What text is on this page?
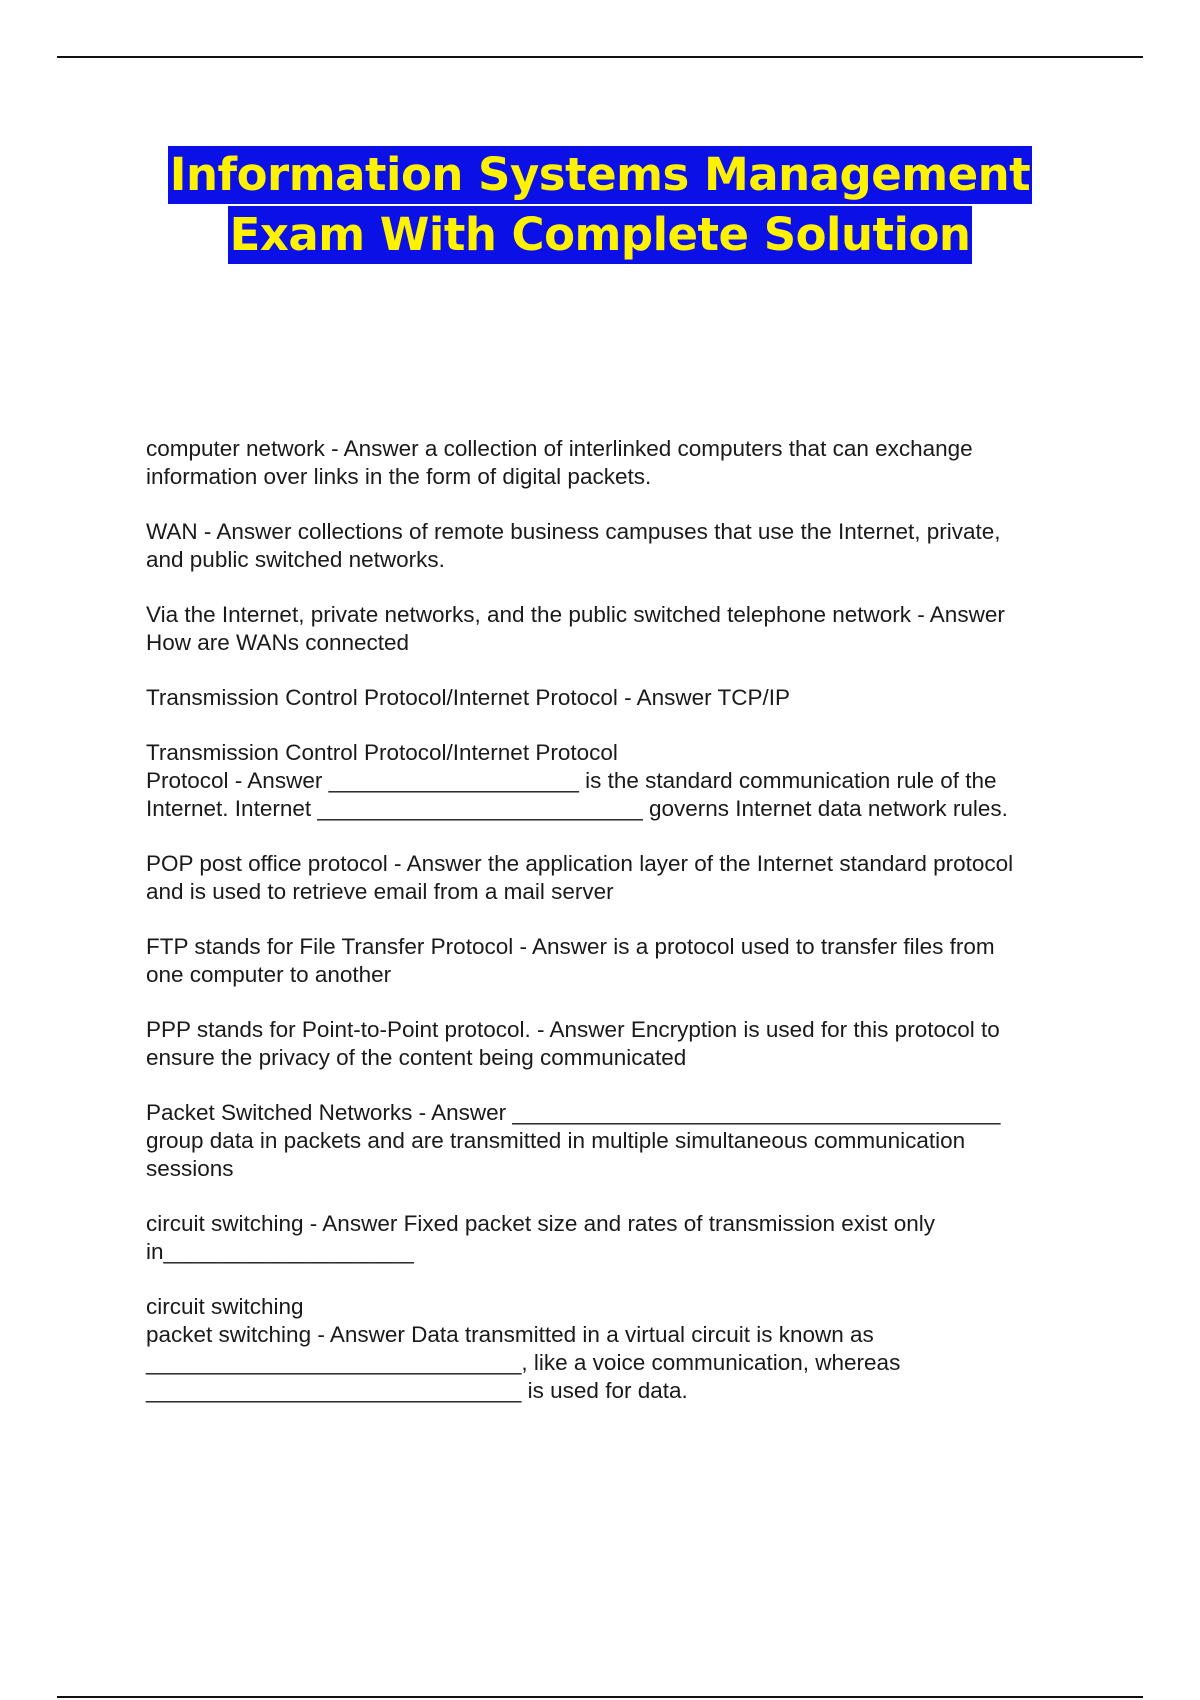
Information Systems Management
Exam With Complete Solution

computer network - Answer a collection of interlinked computers that can exchange
information over links in the form of digital packets.

WAN - Answer collections of remote business campuses that use the Internet, private,
and public switched networks.

Via the Internet, private networks, and the public switched telephone network - Answer
How are WANs connected

Transmission Control Protocol/Internet Protocol - Answer TCP/IP

Transmission Control Protocol/Internet Protocol
Protocol - Answer ____________________ is the standard communication rule of the
Internet. Internet __________________________ governs Internet data network rules.

POP post office protocol - Answer the application layer of the Internet standard protocol
and is used to retrieve email from a mail server

FTP stands for File Transfer Protocol - Answer is a protocol used to transfer files from
one computer to another

PPP stands for Point-to-Point protocol. - Answer Encryption is used for this protocol to
ensure the privacy of the content being communicated

Packet Switched Networks - Answer _______________________________________
group data in packets and are transmitted in multiple simultaneous communication
sessions

circuit switching - Answer Fixed packet size and rates of transmission exist only
in____________________

circuit switching
packet switching - Answer Data transmitted in a virtual circuit is known as
______________________________, like a voice communication, whereas
______________________________ is used for data.
